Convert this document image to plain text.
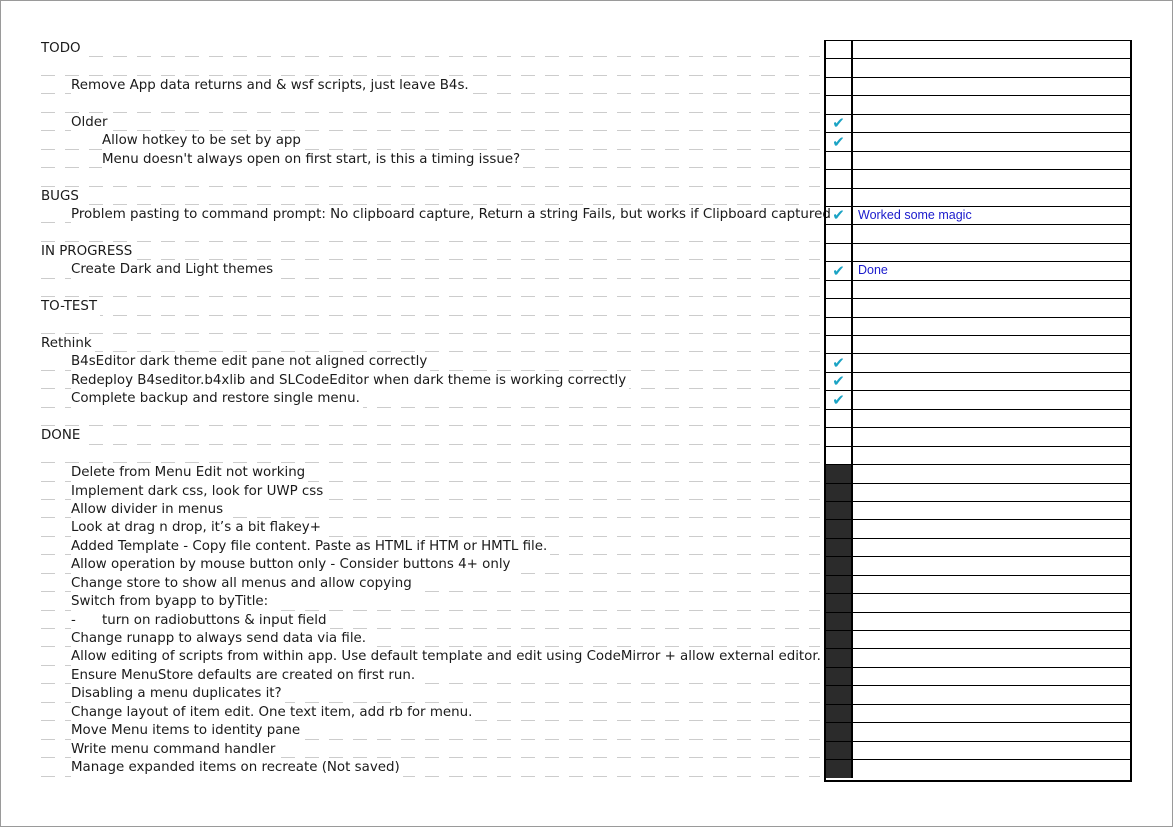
TODO
Remove App data returns and & wsf scripts, just leave B4s.
Older
Allow hotkey to be set by app
Menu doesn't always open on first start, is this a timing issue?
BUGS
Problem pasting to command prompt: No clipboard capture, Return a string Fails, but works if Clipboard captured
IN PROGRESS
Create Dark and Light themes
TO-TEST
Rethink
B4sEditor dark theme edit pane not aligned correctly
Redeploy B4seditor.b4xlib and SLCodeEditor when dark theme is working correctly
Complete backup and restore single menu.
DONE
Delete from Menu Edit not working
Implement dark css, look for UWP css
Allow divider in menus
Look at drag n drop, it’s a bit flakey+
Added Template - Copy file content. Paste as HTML if HTM or HMTL file.
Allow operation by mouse button only - Consider buttons 4+ only
Change store to show all menus and allow copying
Switch from byapp to byTitle:
- turn on radiobuttons & input field
Change runapp to always send data via file.
Allow editing of scripts from within app. Use default template and edit using CodeMirror + allow external editor.
Ensure MenuStore defaults are created on first run.
Disabling a menu duplicates it?
Change layout of item edit. One text item, add rb for menu.
Move Menu items to identity pane
Write menu command handler
Manage expanded items on recreate (Not saved)
✔
✔
✔ Worked some magic
✔ Done
✔
✔
✔
